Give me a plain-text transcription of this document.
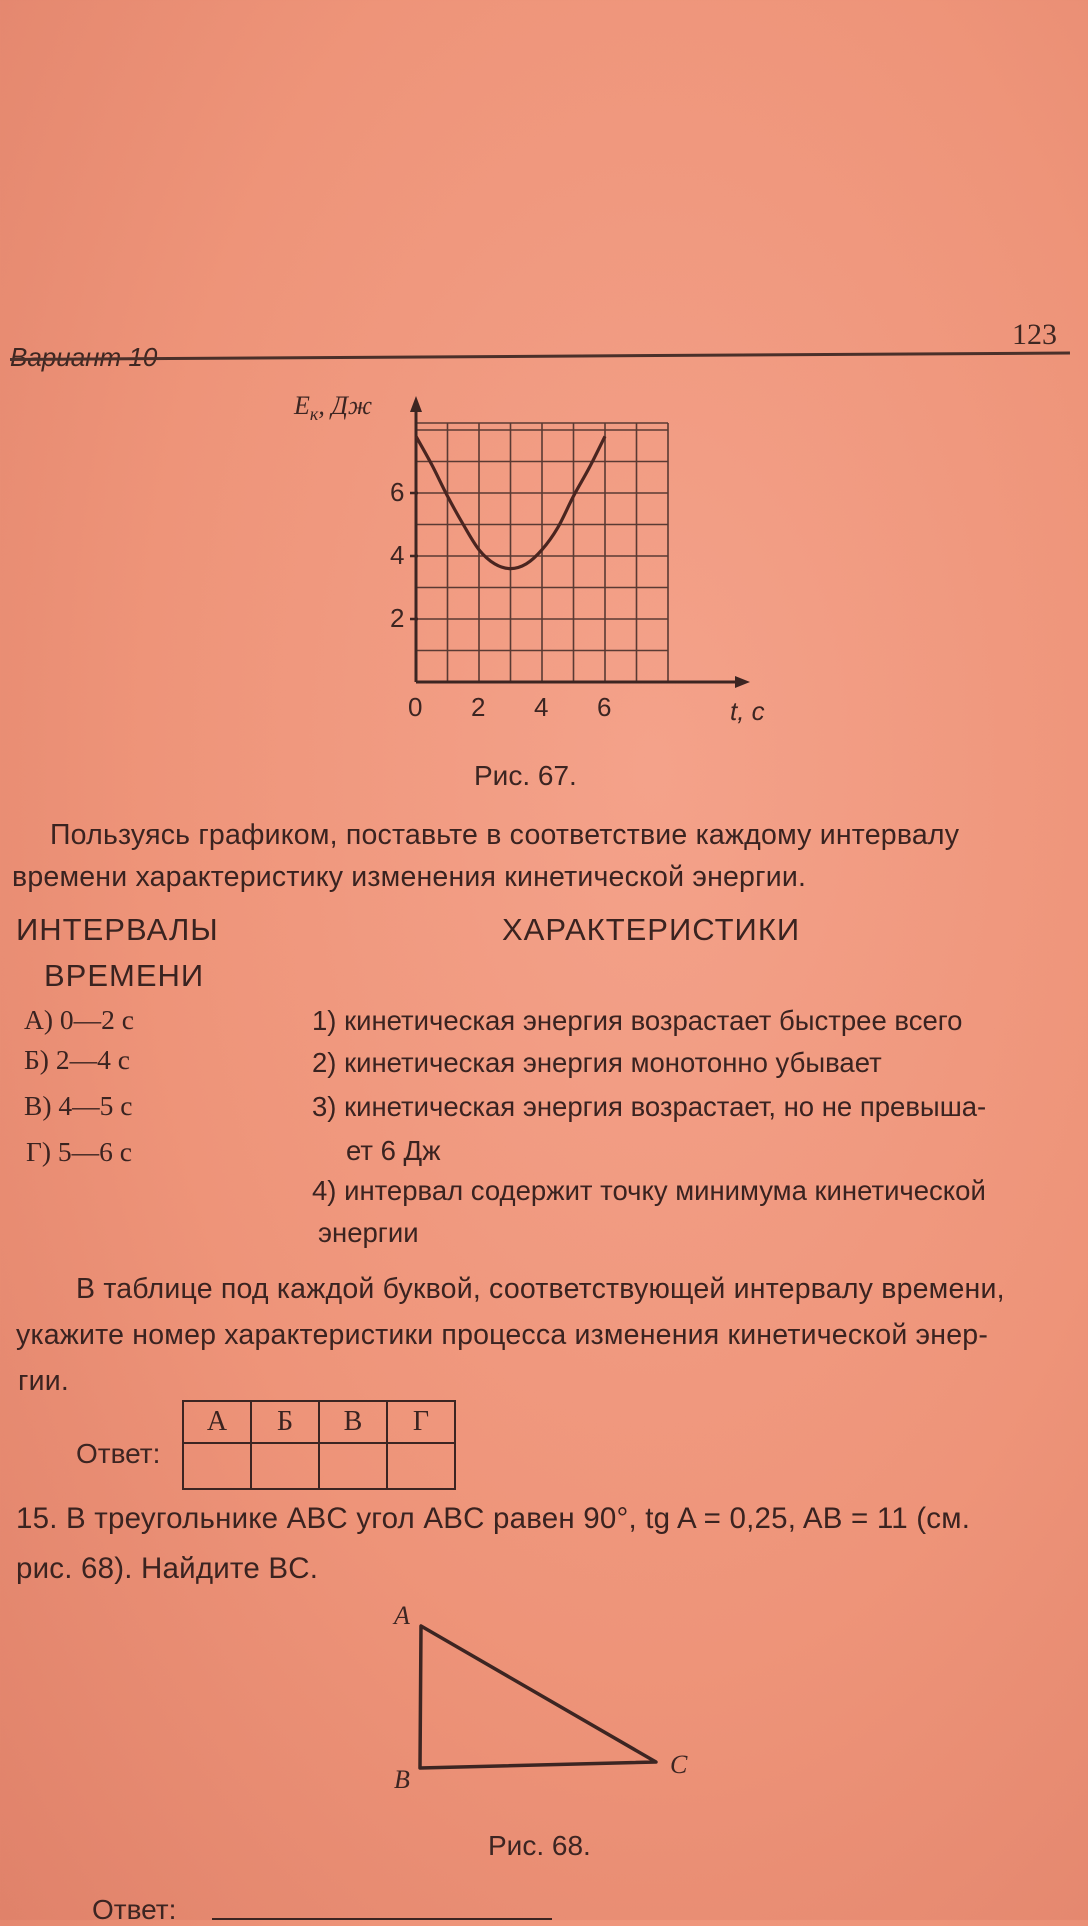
123
0 2 4 6
2
4
6
$E_к$, Дж
t, c
Рис. 67.
Пользуясь графиком, поставьте в соответствие каждому интервалу
времени характеристику изменения кинетической энергии.
ИНТЕРВАЛЫ
ВРЕМЕНИ
ХАРАКТЕРИСТИКИ
А) 0—2 с
Б) 2—4 с
В) 4—5 с
Г) 5—6 с
1) кинетическая энергия возрастает быстрее всего
2) кинетическая энергия монотонно убывает
3) кинетическая энергия возрастает, но не превыша-
ет 6 Дж
4) интервал содержит точку минимума кинетической
энергии
В таблице под каждой буквой, соответствующей интервалу времени,
укажите номер характеристики процесса изменения кинетической энер-
гии.
Ответ:
А	Б	В	Г

15. В треугольнике ABC угол ABC равен 90°, tg A = 0,25, AB = 11 (см.
рис. 68). Найдите BC.
A
B
C
Рис. 68.
Ответ:
